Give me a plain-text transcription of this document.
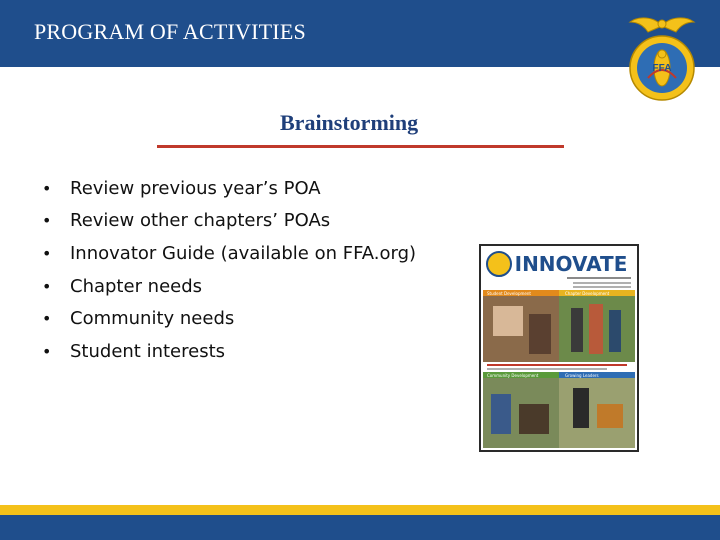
PROGRAM OF ACTIVITIES
FFA
Brainstorming
•	Review previous year’s POA
•	Review other chapters’ POAs
•	Innovator Guide (available on FFA.org)
•	Chapter needs
•	Community needs
•	Student interests
INNOVATE
Student Development	Chapter Development
Community Development	Growing Leaders
